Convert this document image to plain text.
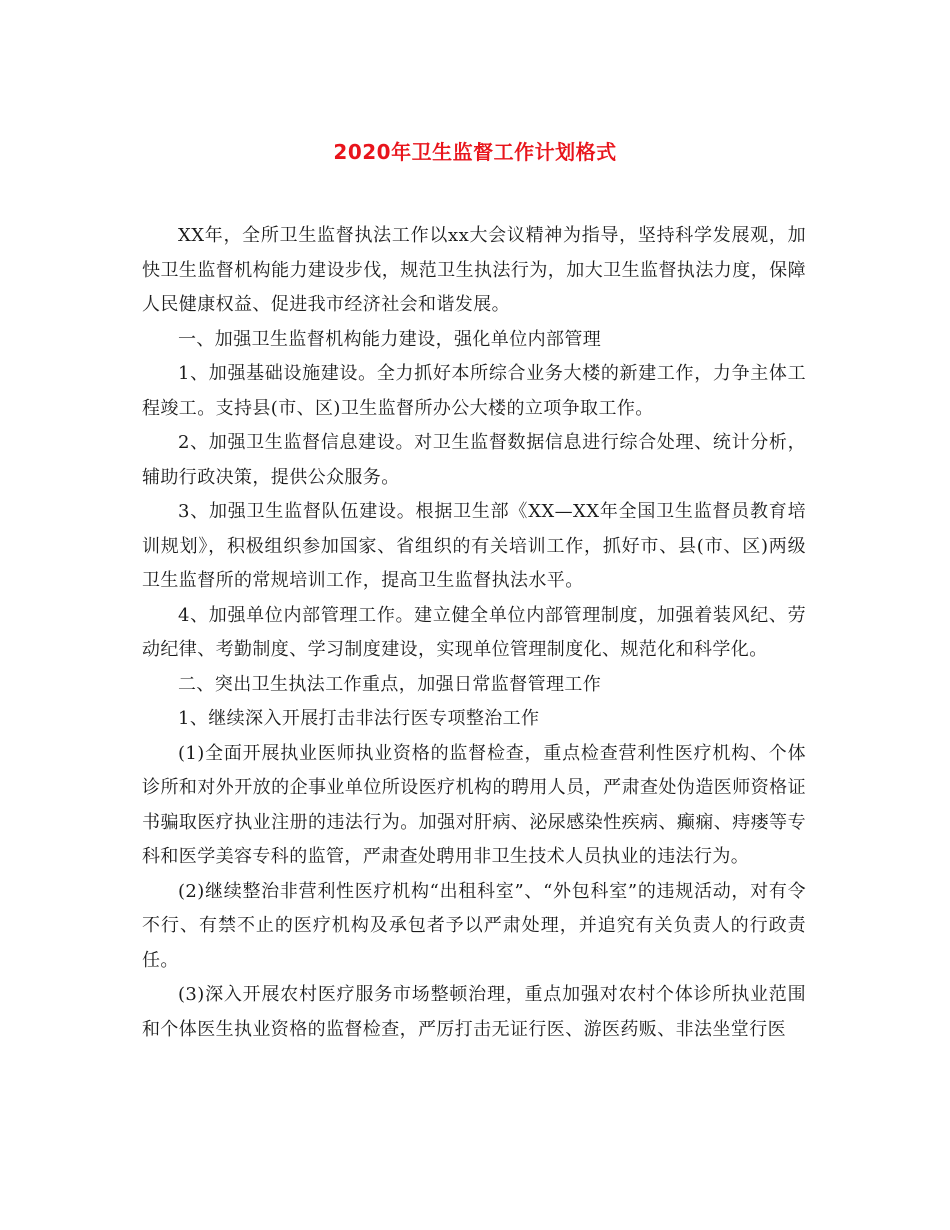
2020年卫生监督工作计划格式

XX年，全所卫生监督执法工作以xx大会议精神为指导，坚持科学发展观，加快卫生监督机构能力建设步伐，规范卫生执法行为，加大卫生监督执法力度，保障人民健康权益、促进我市经济社会和谐发展。

一、加强卫生监督机构能力建设，强化单位内部管理

1、加强基础设施建设。全力抓好本所综合业务大楼的新建工作，力争主体工程竣工。支持县(市、区)卫生监督所办公大楼的立项争取工作。

2、加强卫生监督信息建设。对卫生监督数据信息进行综合处理、统计分析，辅助行政决策，提供公众服务。

3、加强卫生监督队伍建设。根据卫生部《XX—XX年全国卫生监督员教育培训规划》，积极组织参加国家、省组织的有关培训工作，抓好市、县(市、区)两级卫生监督所的常规培训工作，提高卫生监督执法水平。

4、加强单位内部管理工作。建立健全单位内部管理制度，加强着装风纪、劳动纪律、考勤制度、学习制度建设，实现单位管理制度化、规范化和科学化。

二、突出卫生执法工作重点，加强日常监督管理工作

1、继续深入开展打击非法行医专项整治工作

(1)全面开展执业医师执业资格的监督检查，重点检查营利性医疗机构、个体诊所和对外开放的企事业单位所设医疗机构的聘用人员，严肃查处伪造医师资格证书骗取医疗执业注册的违法行为。加强对肝病、泌尿感染性疾病、癫痫、痔瘘等专科和医学美容专科的监管，严肃查处聘用非卫生技术人员执业的违法行为。

(2)继续整治非营利性医疗机构“出租科室”、“外包科室”的违规活动，对有令不行、有禁不止的医疗机构及承包者予以严肃处理，并追究有关负责人的行政责任。

(3)深入开展农村医疗服务市场整顿治理，重点加强对农村个体诊所执业范围和个体医生执业资格的监督检查，严厉打击无证行医、游医药贩、非法坐堂行医
